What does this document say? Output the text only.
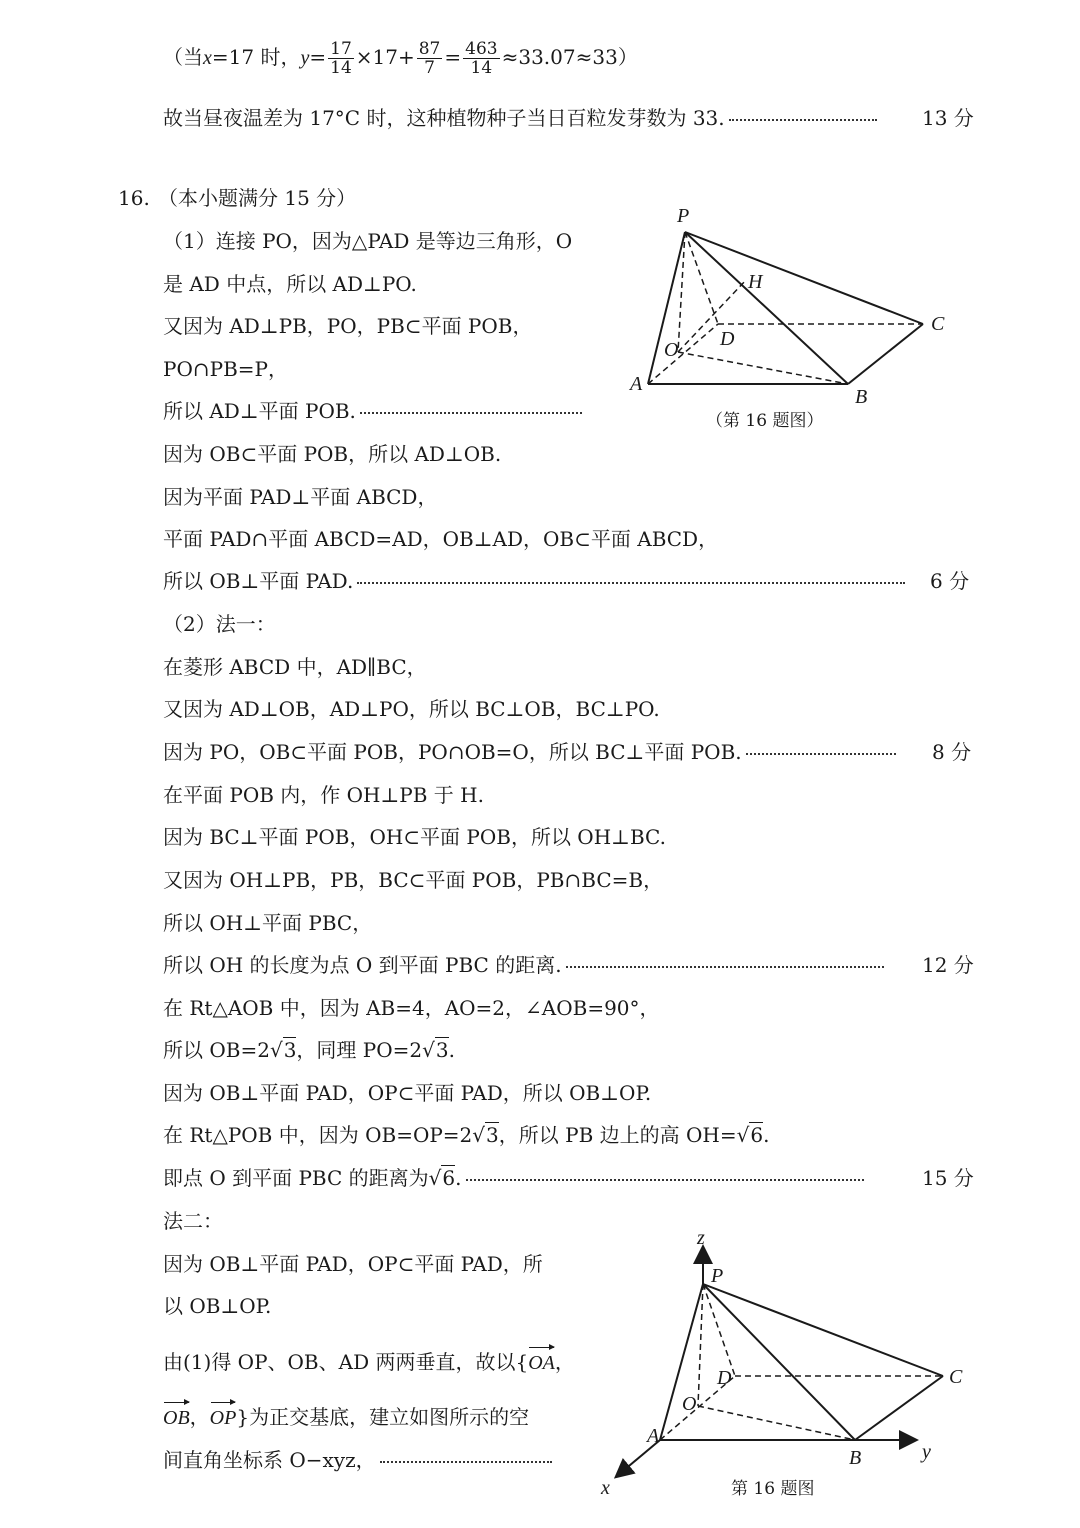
（当x=17 时，$y= \frac{17}{14} \times 17+ \frac{87}{7} = \frac{463}{14} \approx 33.07\approx 33$）
故当昼夜温差为 17°C 时，这种植物种子当日百粒发芽数为 33.	13 分
16. （本小题满分 15 分）
（1）连接 PO，因为△PAD 是等边三角形，O
是 AD 中点，所以 AD⊥PO.
又因为 AD⊥PB，PO，PB⊂平面 POB，
PO∩PB=P，
所以 AD⊥平面 POB.
因为 OB⊂平面 POB，所以 AD⊥OB.
因为平面 PAD⊥平面 ABCD，
平面 PAD∩平面 ABCD=AD，OB⊥AD，OB⊂平面 ABCD，
所以 OB⊥平面 PAD.	6 分
（2）法一：
在菱形 ABCD 中，AD∥BC，
又因为 AD⊥OB，AD⊥PO，所以 BC⊥OB，BC⊥PO.
因为 PO，OB⊂平面 POB，PO∩OB=O，所以 BC⊥平面 POB.	8 分
在平面 POB 内，作 OH⊥PB 于 H.
因为 BC⊥平面 POB，OH⊂平面 POB，所以 OH⊥BC.
又因为 OH⊥PB，PB，BC⊂平面 POB，PB∩BC=B，
所以 OH⊥平面 PBC，
所以 OH 的长度为点 O 到平面 PBC 的距离.	12 分
在 Rt△AOB 中，因为 AB=4，AO=2，∠AOB=90°，
所以 OB=2√3，同理 PO=2√3.
因为 OB⊥平面 PAD，OP⊂平面 PAD，所以 OB⊥OP.
在 Rt△POB 中，因为 OB=OP=2√3，所以 PB 边上的高 OH=√6.
即点 O 到平面 PBC 的距离为√6.	15 分
法二：
因为 OB⊥平面 PAD，OP⊂平面 PAD，所
以 OB⊥OP.
由(1)得 OP、OB、AD 两两垂直，故以{OA，
OB，OP}为正交基底，建立如图所示的空
间直角坐标系 O−xyz，
P
H
C
D
O
A
B
（第 16 题图）
z
P
C
D
O
A
B	y
x	第 16 题图
